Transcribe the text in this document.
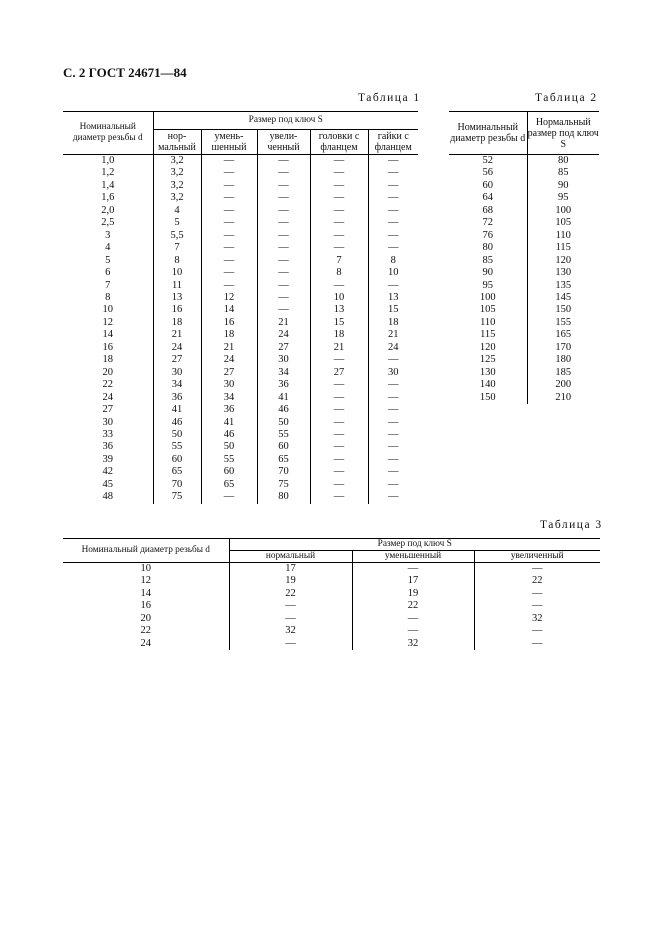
С. 2 ГОСТ 24671—84
Таблица 1
Номинальный диаметр резьбы d	Размер под ключ S				
	нор-мальный	умень-шенный	увели-ченный	головки с фланцем	гайки с фланцем
1,0	3,2	—	—	—	—
1,2	3,2	—	—	—	—
1,4	3,2	—	—	—	—
1,6	3,2	—	—	—	—
2,0	4	—	—	—	—
2,5	5	—	—	—	—
3	5,5	—	—	—	—
4	7	—	—	—	—
5	8	—	—	7	8
6	10	—	—	8	10
7	11	—	—	—	—
8	13	12	—	10	13
10	16	14	—	13	15
12	18	16	21	15	18
14	21	18	24	18	21
16	24	21	27	21	24
18	27	24	30	—	—
20	30	27	34	27	30
22	34	30	36	—	—
24	36	34	41	—	—
27	41	36	46	—	—
30	46	41	50	—	—
33	50	46	55	—	—
36	55	50	60	—	—
39	60	55	65	—	—
42	65	60	70	—	—
45	70	65	75	—	—
48	75	—	80	—	—
Таблица 2
Номинальный диаметр резьбы d	Нормальный размер под ключ S
52	80
56	85
60	90
64	95
68	100
72	105
76	110
80	115
85	120
90	130
95	135
100	145
105	150
110	155
115	165
120	170
125	180
130	185
140	200
150	210
Таблица 3
Номинальный диаметр резьбы d	Размер под ключ S		
	нормальный	уменьшенный	увеличенный
10	17	—	—
12	19	17	22
14	22	19	—
16	—	22	—
20	—	—	32
22	32	—	—
24	—	32	—
